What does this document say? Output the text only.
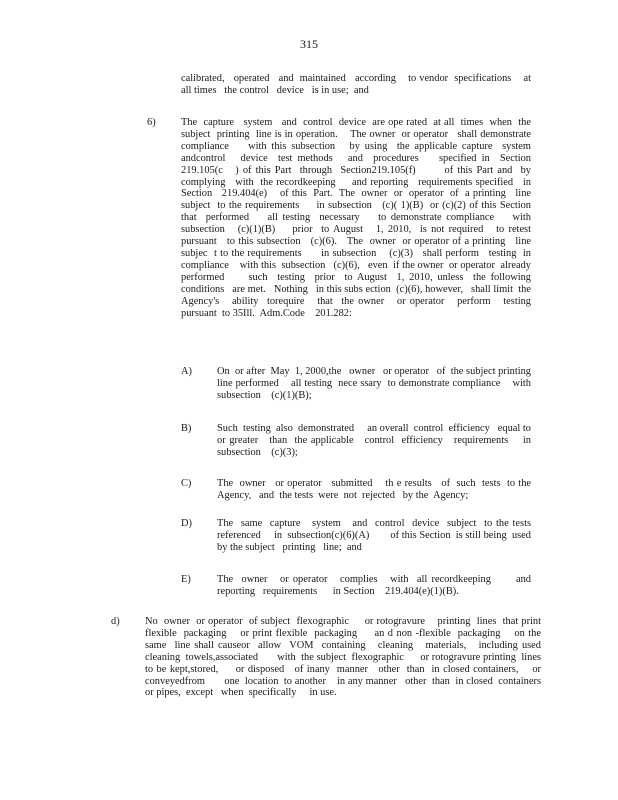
315
calibrated,   operated   and  maintained   according    to vendor  specifications    at all times   the control   device   is in use;  and
6) The  capture   system   and  control  device  are ope rated  at all  times  when  the subject  printing  line is in operation.    The owner  or operator   shall demonstrate   compliance    with this subsection   by using  the applicable capture  system  andcontrol   device  test methods   and  procedures    specified in  Section  219.105(c   ) of this Part  through  Section219.105(f)       of this Part and  by complying   with  the recordkeeping     and reporting   requirements specified   in Section   219.404(e)    of this  Part.  The  owner  or  operator  of  a printing   line subject  to the requirements     in subsection   (c)( 1)(B)  or (c)(2) of this Section  that  performed    all testing  necessary    to demonstrate compliance    with subsection   (c)(1)(B)    prior  to August   1, 2010,  is not required   to retest  pursuant   to this subsection   (c)(6).   The  owner  or operator of a printing   line  subjec  t to the requirements      in subsection    (c)(3)   shall perform   testing  in compliance    with this  subsection   (c)(6),   even  if the owner  or operator  already   performed     such  testing  prior  to August  1, 2010, unless  the following   conditions   are met.   Nothing   in this subs ection  (c)(6), however,   shall limit  the Agency's   ability  torequire   that  the owner   or operator   perform   testing  pursuant  to 35Ill.  Adm.Code    201.282:
A) On  or after  May  1, 2000,the   owner   or operator   of  the subject printing  line performed    all testing  nece ssary  to demonstrate compliance    with  subsection    (c)(1)(B);
B) Such  testing  also  demonstrated     an overall  control  efficiency   equal to or greater   than  the applicable   control  efficiency   requirements    in subsection    (c)(3);
C) The  owner   or operator   submitted    th e results   of  such  tests  to the Agency,   and  the tests  were  not  rejected   by the  Agency;
D) The  same  capture   system   and  control  device  subject  to the tests referenced     in  subsection(c)(6)(A)        of this Section  is still being  used by the subject   printing   line;  and
E)	The  owner   or operator   complies   with  all recordkeeping      and reporting   requirements      in Section    219.404(e)(1)(B).
d) No  owner  or operator  of subject  flexographic     or rotogravure    printing  lines  that print  flexible  packaging    or print flexible  packaging     an d non -flexible  packaging    on the same  line shall causeor  allow  VOM  containing   cleaning   materials,   including used  cleaning  towels,associated       with  the subject  flexographic      or rotogravure printing  lines  to be kept,stored,     or disposed   of inany  manner   other  than  in closed containers,    or conveyedfrom       one  location  to another    in any manner   other  than  in closed  containers    or pipes,  except   when  specifically     in use.
